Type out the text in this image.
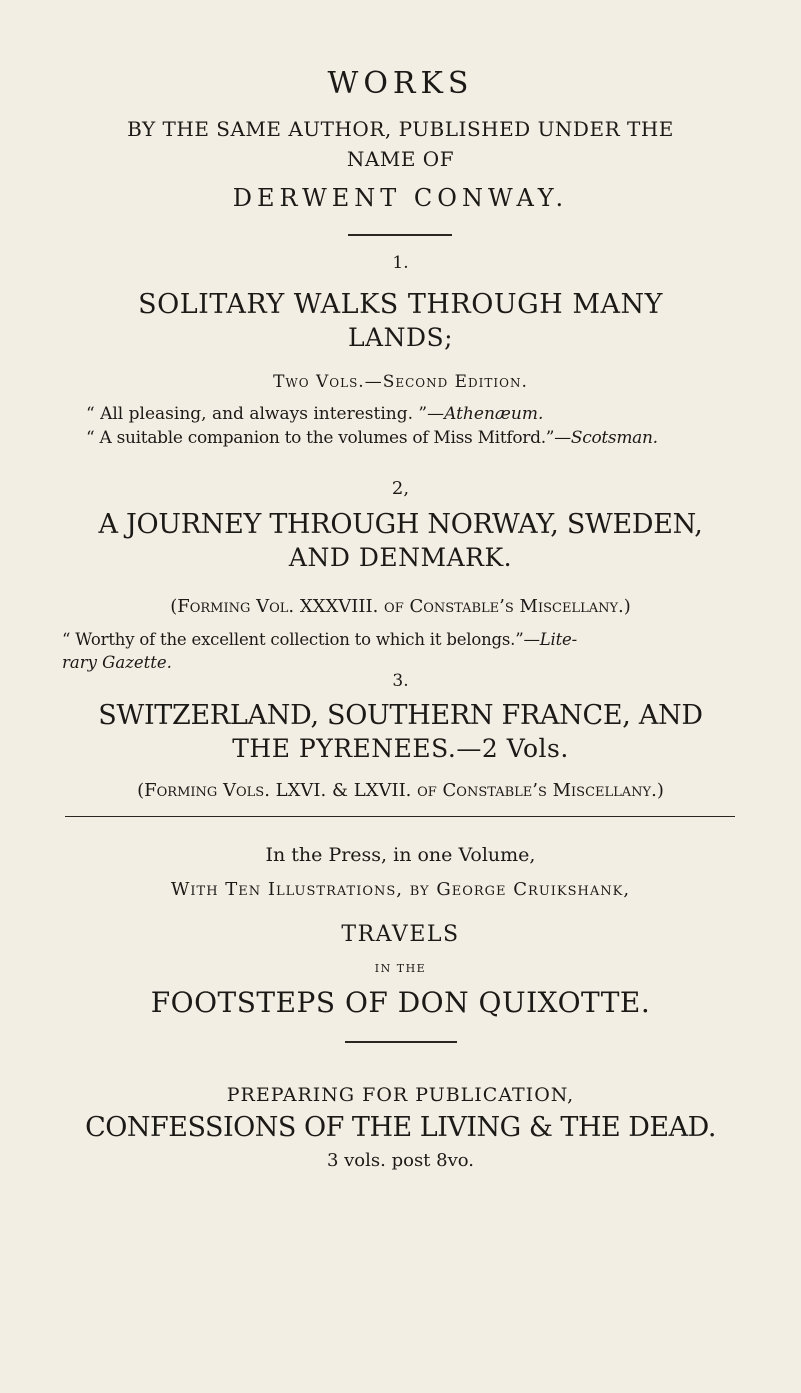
WORKS
BY THE SAME AUTHOR, PUBLISHED UNDER THE
NAME OF
DERWENT CONWAY.
1.
SOLITARY WALKS THROUGH MANY
LANDS;
Two Vols.—Second Edition.
“ All pleasing, and always interesting. ”—Athenæum.
“ A suitable companion to the volumes of Miss Mitford.”—Scotsman.
2,
A JOURNEY THROUGH NORWAY, SWEDEN,
AND DENMARK.
(Forming Vol. XXXVIII. of Constable’s Miscellany.)
“ Worthy of the excellent collection to which it belongs.”—Lite-
rary Gazette.
3.
SWITZERLAND, SOUTHERN FRANCE, AND
THE PYRENEES.—2 Vols.
(Forming Vols. LXVI. & LXVII. of Constable’s Miscellany.)
In the Press, in one Volume,
With Ten Illustrations, by George Cruikshank,
TRAVELS
IN THE
FOOTSTEPS OF DON QUIXOTTE.
PREPARING FOR PUBLICATION,
CONFESSIONS OF THE LIVING & THE DEAD.
3 vols. post 8vo.
